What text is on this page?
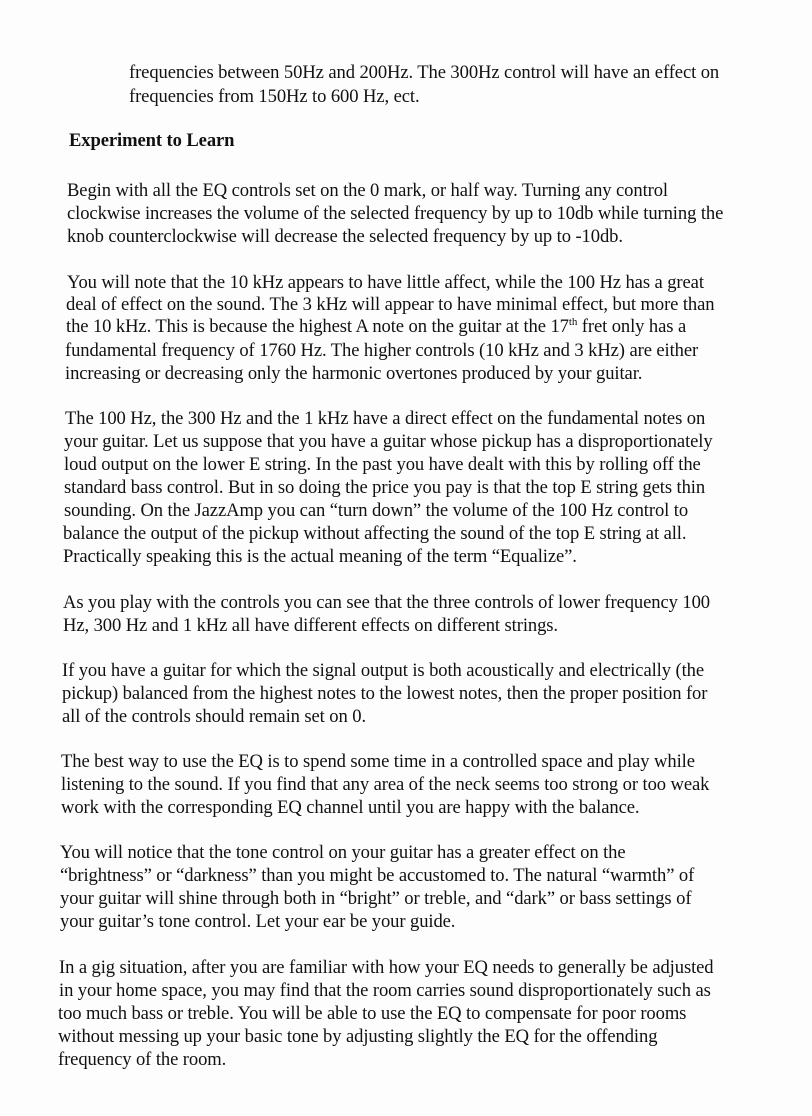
frequencies between 50Hz and 200Hz. The 300Hz control will have an effect on

frequencies from 150Hz to 600 Hz, ect.

Experiment to Learn

Begin with all the EQ controls set on the 0 mark, or half way. Turning any control

clockwise increases the volume of the selected frequency by up to 10db while turning the

knob counterclockwise will decrease the selected frequency by up to -10db.

You will note that the 10 kHz appears to have little affect, while the 100 Hz has a great

deal of effect on the sound. The 3 kHz will appear to have minimal effect, but more than

the 10 kHz. This is because the highest A note on the guitar at the 17th fret only has a

fundamental frequency of 1760 Hz. The higher controls (10 kHz and 3 kHz) are either

increasing or decreasing only the harmonic overtones produced by your guitar.

The 100 Hz, the 300 Hz and the 1 kHz have a direct effect on the fundamental notes on

your guitar. Let us suppose that you have a guitar whose pickup has a disproportionately

loud output on the lower E string. In the past you have dealt with this by rolling off the

standard bass control. But in so doing the price you pay is that the top E string gets thin

sounding. On the JazzAmp you can “turn down” the volume of the 100 Hz control to

balance the output of the pickup without affecting the sound of the top E string at all.

Practically speaking this is the actual meaning of the term “Equalize”.

As you play with the controls you can see that the three controls of lower frequency 100

Hz, 300 Hz and 1 kHz all have different effects on different strings.

If you have a guitar for which the signal output is both acoustically and electrically (the

pickup) balanced from the highest notes to the lowest notes, then the proper position for

all of the controls should remain set on 0.

The best way to use the EQ is to spend some time in a controlled space and play while

listening to the sound. If you find that any area of the neck seems too strong or too weak

work with the corresponding EQ channel until you are happy with the balance.

You will notice that the tone control on your guitar has a greater effect on the

“brightness” or “darkness” than you might be accustomed to. The natural “warmth” of

your guitar will shine through both in “bright” or treble, and “dark” or bass settings of

your guitar’s tone control. Let your ear be your guide.

In a gig situation, after you are familiar with how your EQ needs to generally be adjusted

in your home space, you may find that the room carries sound disproportionately such as

too much bass or treble. You will be able to use the EQ to compensate for poor rooms

without messing up your basic tone by adjusting slightly the EQ for the offending

frequency of the room.
